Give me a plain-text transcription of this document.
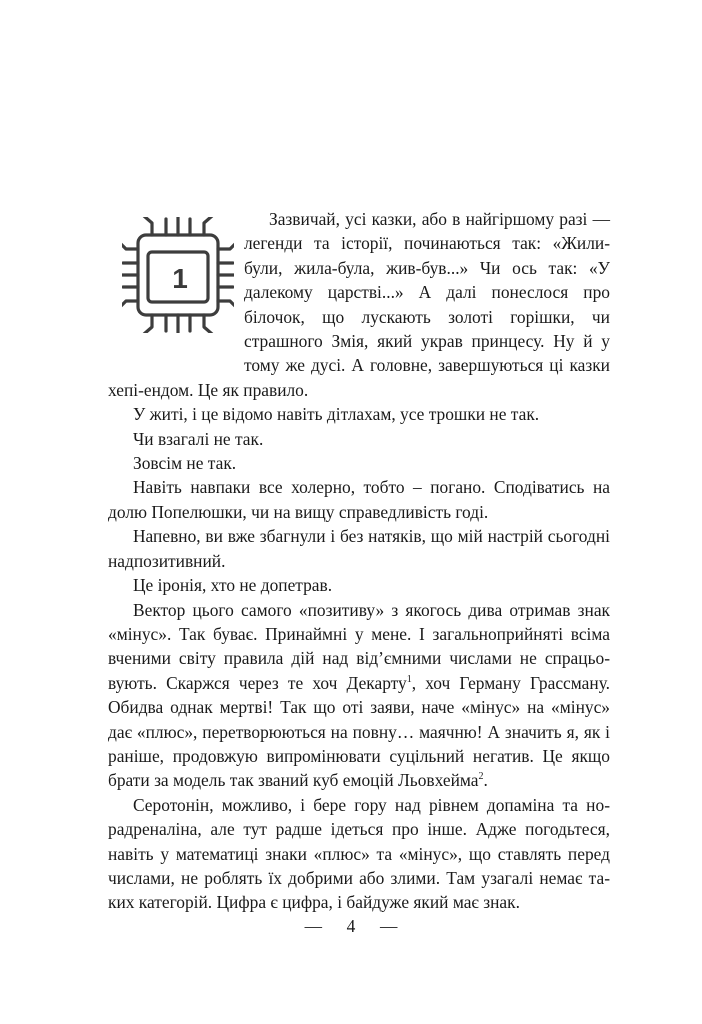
1

Зазвичай, усі казки, або в найгіршому разі — легенди та історії, починаються так: «Жили-були, жила-була, жив-був...» Чи ось так: «У далекому царстві...» А далі понеслося про білочок, що лускають золоті горішки, чи страшного Змія, який украв принцесу. Ну й у тому же дусі. А головне, завершуються ці казки хепі-ендом. Це як правило.

У житі, і це відомо навіть дітлахам, усе трошки не так.

Чи взагалі не так.

Зовсім не так.

Навіть навпаки все холерно, тобто – погано. Сподіватись на долю Попелюшки, чи на вищу справедливість годі.

Напевно, ви вже збагнули і без натяків, що мій настрій сьогодні надпозитивний.

Це іронія, хто не допетрав.

Вектор цього самого «позитиву» з якогось дива отримав знак «мінус». Так буває. Принаймні у мене. І загальноприйняті всіма вченими світу правила дій над від’ємними числами не спрацьовують. Скаржся через те хоч Декарту$^1$, хоч Герману Грассману. Обидва однак мертві! Так що оті заяви, наче «мінус» на «мінус» дає «плюс», перетворюються на повну… маячню! А значить я, як і раніше, продовжую випромінювати суцільний негатив. Це якщо брати за модель так званий куб емоцій Льовхейма$^2$.

Серотонін, можливо, і бере гору над рівнем допаміна та норадреналіна, але тут радше ідеться про інше. Адже погодьтеся, навіть у математиці знаки «плюс» та «мінус», що ставлять перед числами, не роблять їх добрими або злими. Там узагалі немає таких категорій. Цифра є цифра, і байдуже який має знак.

— 4 —
